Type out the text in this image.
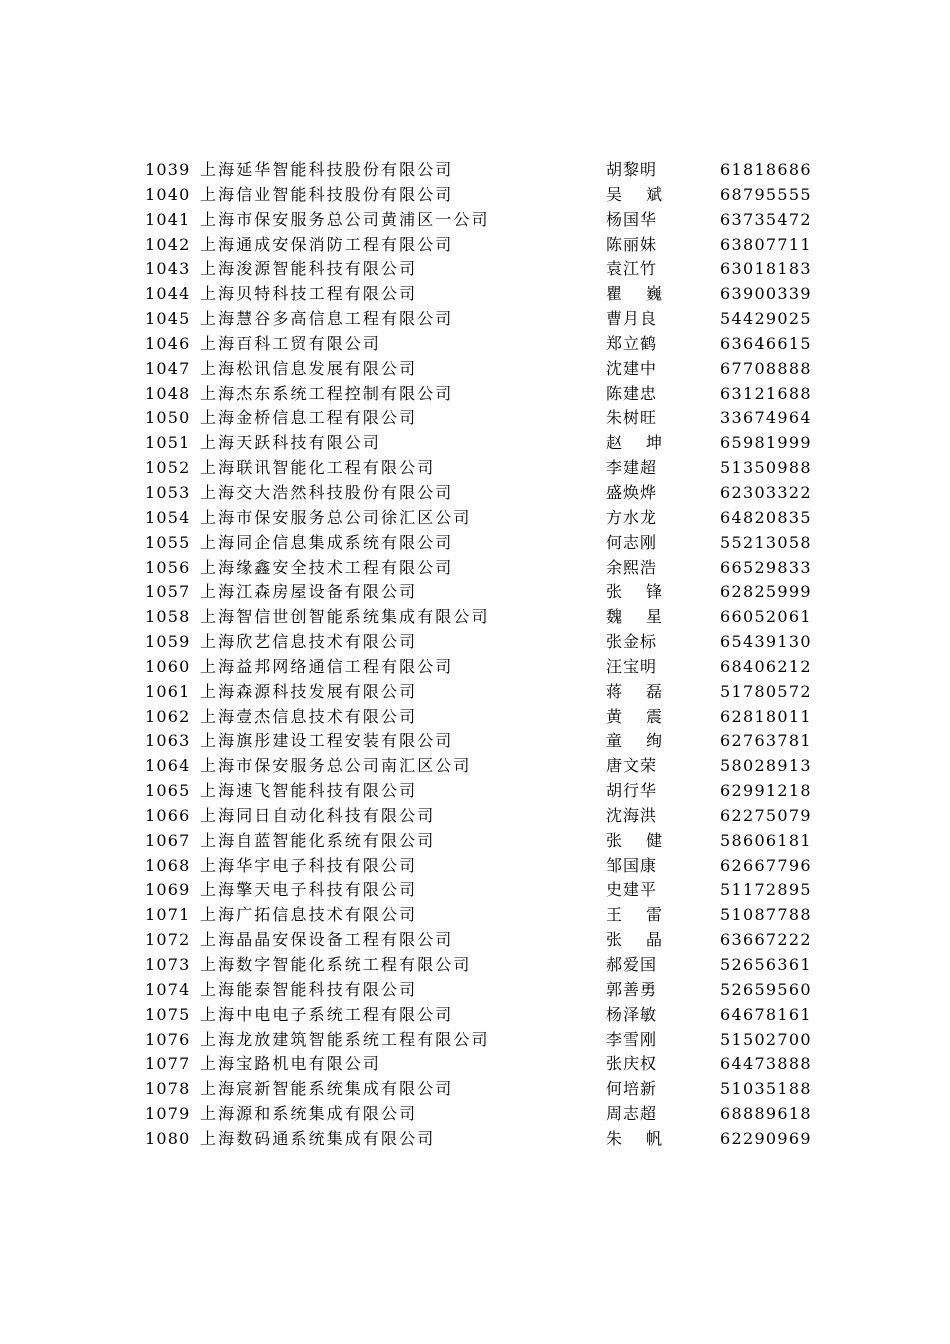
1039 上海延华智能科技股份有限公司	胡黎明	61818686
1040 上海信业智能科技股份有限公司	吴 斌	68795555
1041 上海市保安服务总公司黄浦区一公司	杨国华	63735472
1042 上海通成安保消防工程有限公司	陈丽妹	63807711
1043 上海浚源智能科技有限公司	袁江竹	63018183
1044 上海贝特科技工程有限公司	瞿 巍	63900339
1045 上海慧谷多高信息工程有限公司	曹月良	54429025
1046 上海百科工贸有限公司	郑立鹤	63646615
1047 上海松讯信息发展有限公司	沈建中	67708888
1048 上海杰东系统工程控制有限公司	陈建忠	63121688
1050 上海金桥信息工程有限公司	朱树旺	33674964
1051 上海天跃科技有限公司	赵 坤	65981999
1052 上海联讯智能化工程有限公司	李建超	51350988
1053 上海交大浩然科技股份有限公司	盛焕烨	62303322
1054 上海市保安服务总公司徐汇区公司	方水龙	64820835
1055 上海同企信息集成系统有限公司	何志刚	55213058
1056 上海缘鑫安全技术工程有限公司	余熙浩	66529833
1057 上海江森房屋设备有限公司	张 锋	62825999
1058 上海智信世创智能系统集成有限公司	魏 星	66052061
1059 上海欣艺信息技术有限公司	张金标	65439130
1060 上海益邦网络通信工程有限公司	汪宝明	68406212
1061 上海森源科技发展有限公司	蒋 磊	51780572
1062 上海壹杰信息技术有限公司	黄 震	62818011
1063 上海旗彤建设工程安装有限公司	童 绚	62763781
1064 上海市保安服务总公司南汇区公司	唐文荣	58028913
1065 上海速飞智能科技有限公司	胡行华	62991218
1066 上海同日自动化科技有限公司	沈海洪	62275079
1067 上海自蓝智能化系统有限公司	张 健	58606181
1068 上海华宇电子科技有限公司	邹国康	62667796
1069 上海擎天电子科技有限公司	史建平	51172895
1071 上海广拓信息技术有限公司	王 雷	51087788
1072 上海晶晶安保设备工程有限公司	张 晶	63667222
1073 上海数字智能化系统工程有限公司	郝爱国	52656361
1074 上海能泰智能科技有限公司	郭善勇	52659560
1075 上海中电电子系统工程有限公司	杨泽敏	64678161
1076 上海龙放建筑智能系统工程有限公司	李雪刚	51502700
1077 上海宝路机电有限公司	张庆权	64473888
1078 上海宸新智能系统集成有限公司	何培新	51035188
1079 上海源和系统集成有限公司	周志超	68889618
1080 上海数码通系统集成有限公司	朱 帆	62290969
